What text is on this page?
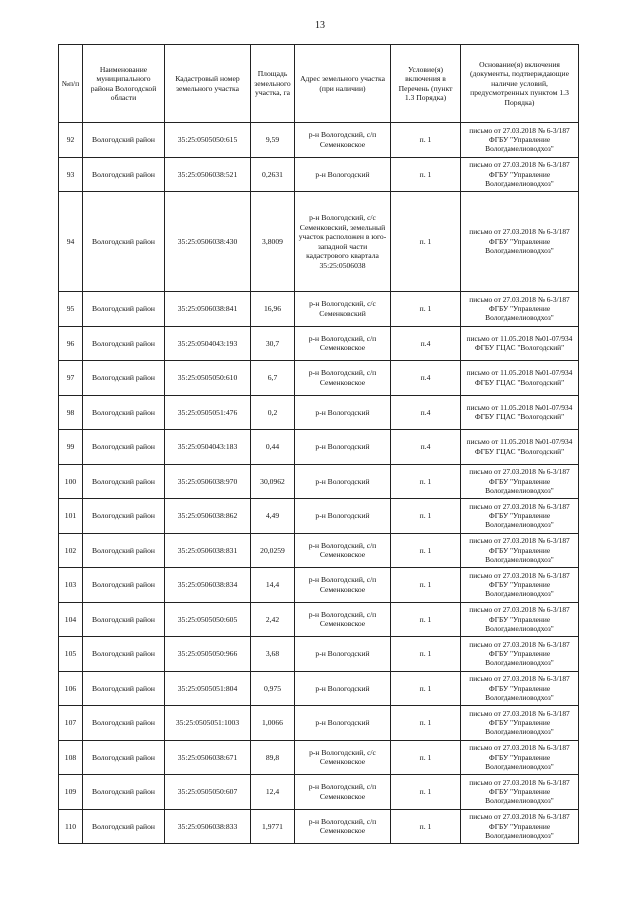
13
№п/п	Наименование муниципального района Вологодской области	Кадастровый номер земельного участка	Площадь земельного участка, га	Адрес земельного участка (при наличии)	Условие(я) включения в Перечень (пункт 1.3 Порядка)	Основание(я) включения (документы, подтверждающие наличие условий, предусмотренных пунктом 1.3 Порядка)
92	Вологодский район	35:25:0505050:615	9,59	р-н Вологодский, с/п Семенковское	п. 1	письмо от 27.03.2018 № 6-3/187 ФГБУ "Управление Вологдамелиоводхоз"
93	Вологодский район	35:25:0506038:521	0,2631	р-н Вологодский	п. 1	письмо от 27.03.2018 № 6-3/187 ФГБУ "Управление Вологдамелиоводхоз"
94	Вологодский район	35:25:0506038:430	3,8009	р-н Вологодский, с/с Семенковский, земельный участок расположен в юго-западной части кадастрового квартала 35:25:0506038	п. 1	письмо от 27.03.2018 № 6-3/187 ФГБУ "Управление Вологдамелиоводхоз"
95	Вологодский район	35:25:0506038:841	16,96	р-н Вологодский, с/с Семенковский	п. 1	письмо от 27.03.2018 № 6-3/187 ФГБУ "Управление Вологдамелиоводхоз"
96	Вологодский район	35:25:0504043:193	30,7	р-н Вологодский, с/п Семенковское	п.4	письмо от 11.05.2018 №01-07/934 ФГБУ ГЦАС "Вологодский"
97	Вологодский район	35:25:0505050:610	6,7	р-н Вологодский, с/п Семенковское	п.4	письмо от 11.05.2018 №01-07/934 ФГБУ ГЦАС "Вологодский"
98	Вологодский район	35:25:0505051:476	0,2	р-н Вологодский	п.4	письмо от 11.05.2018 №01-07/934 ФГБУ ГЦАС "Вологодский"
99	Вологодский район	35:25:0504043:183	0,44	р-н Вологодский	п.4	письмо от 11.05.2018 №01-07/934 ФГБУ ГЦАС "Вологодский"
100	Вологодский район	35:25:0506038:970	30,0962	р-н Вологодский	п. 1	письмо от 27.03.2018 № 6-3/187 ФГБУ "Управление Вологдамелиоводхоз"
101	Вологодский район	35:25:0506038:862	4,49	р-н Вологодский	п. 1	письмо от 27.03.2018 № 6-3/187 ФГБУ "Управление Вологдамелиоводхоз"
102	Вологодский район	35:25:0506038:831	20,0259	р-н Вологодский, с/п Семенковское	п. 1	письмо от 27.03.2018 № 6-3/187 ФГБУ "Управление Вологдамелиоводхоз"
103	Вологодский район	35:25:0506038:834	14,4	р-н Вологодский, с/п Семенковское	п. 1	письмо от 27.03.2018 № 6-3/187 ФГБУ "Управление Вологдамелиоводхоз"
104	Вологодский район	35:25:0505050:605	2,42	р-н Вологодский, с/п Семенковское	п. 1	письмо от 27.03.2018 № 6-3/187 ФГБУ "Управление Вологдамелиоводхоз"
105	Вологодский район	35:25:0505050:966	3,68	р-н Вологодский	п. 1	письмо от 27.03.2018 № 6-3/187 ФГБУ "Управление Вологдамелиоводхоз"
106	Вологодский район	35:25:0505051:804	0,975	р-н Вологодский	п. 1	письмо от 27.03.2018 № 6-3/187 ФГБУ "Управление Вологдамелиоводхоз"
107	Вологодский район	35:25:0505051:1003	1,0066	р-н Вологодский	п. 1	письмо от 27.03.2018 № 6-3/187 ФГБУ "Управление Вологдамелиоводхоз"
108	Вологодский район	35:25:0506038:671	89,8	р-н Вологодский, с/с Семенковское	п. 1	письмо от 27.03.2018 № 6-3/187 ФГБУ "Управление Вологдамелиоводхоз"
109	Вологодский район	35:25:0505050:607	12,4	р-н Вологодский, с/п Семенковское	п. 1	письмо от 27.03.2018 № 6-3/187 ФГБУ "Управление Вологдамелиоводхоз"
110	Вологодский район	35:25:0506038:833	1,9771	р-н Вологодский, с/п Семенковское	п. 1	письмо от 27.03.2018 № 6-3/187 ФГБУ "Управление Вологдамелиоводхоз"
